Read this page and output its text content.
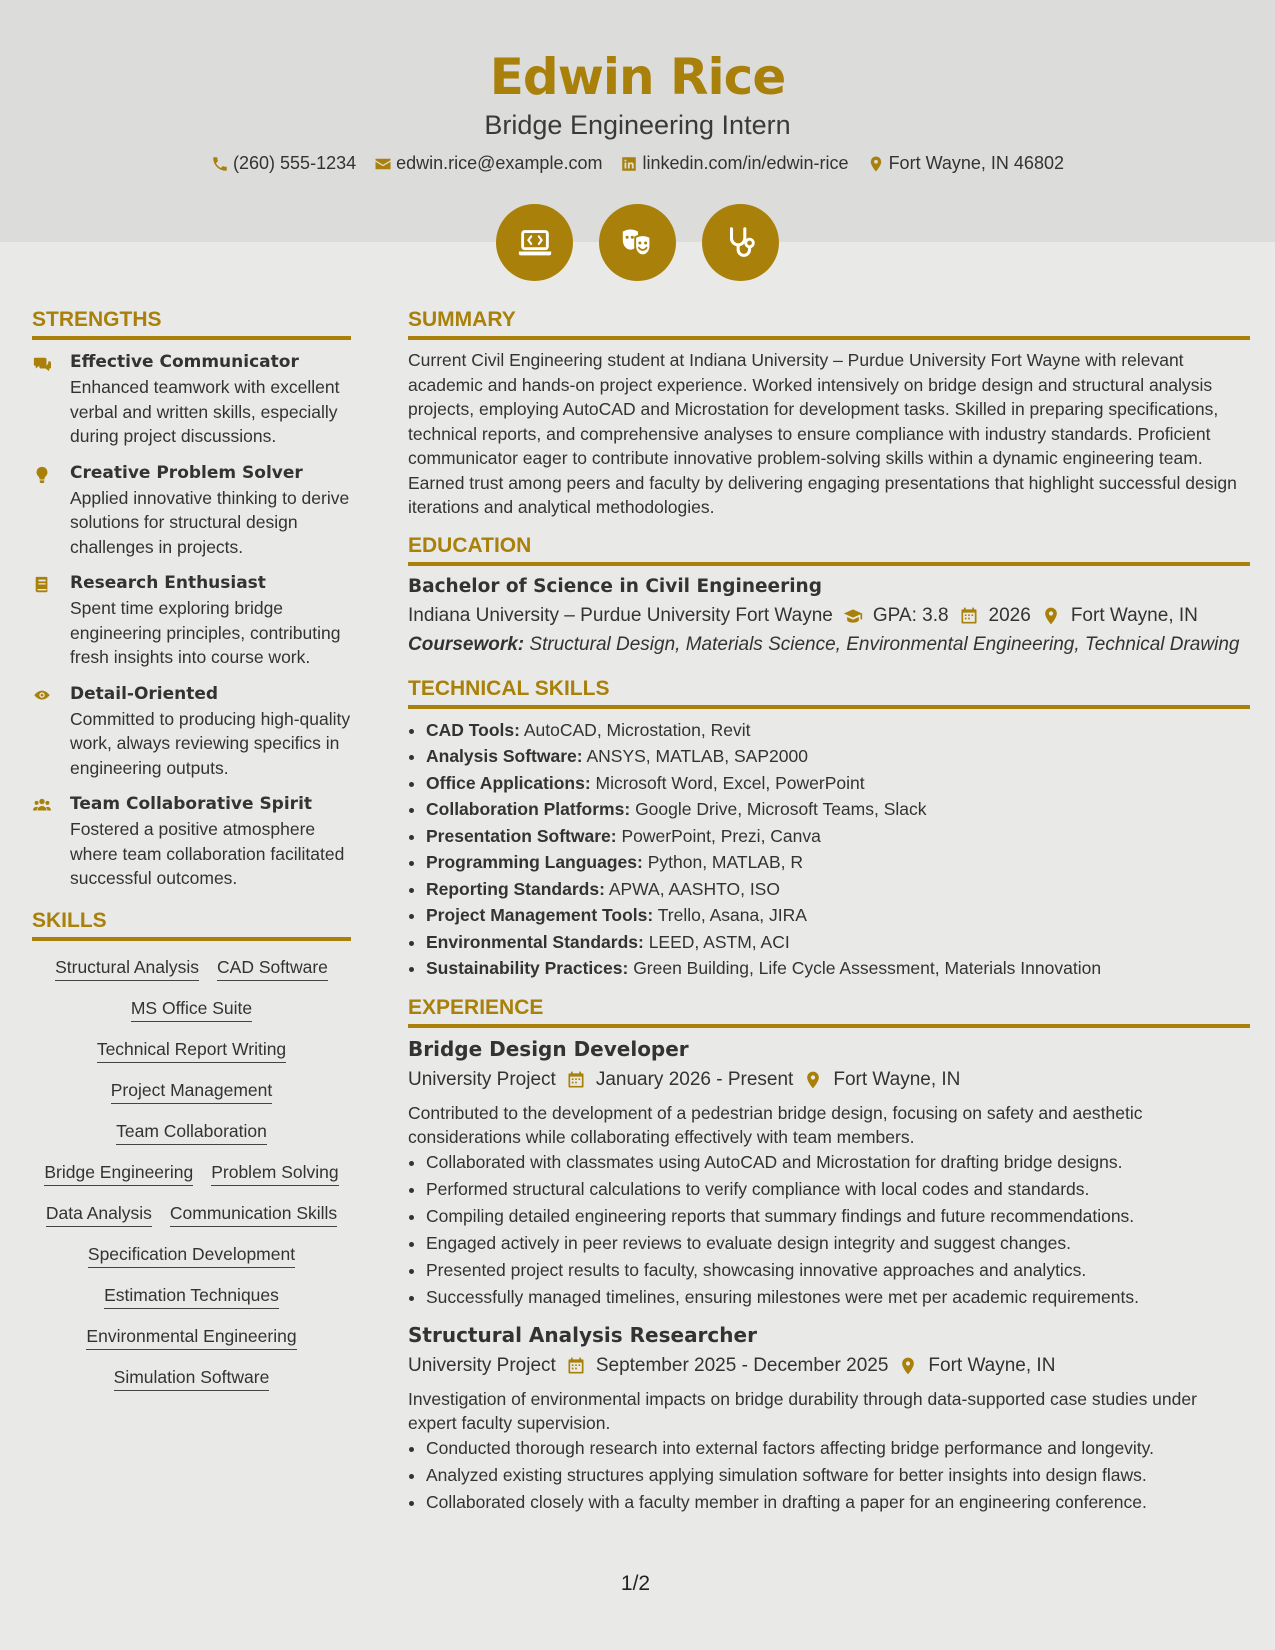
Edwin Rice
Bridge Engineering Intern
(260) 555-1234 edwin.rice@example.com linkedin.com/in/edwin-rice Fort Wayne, IN 46802
STRENGTHS
Effective Communicator
Enhanced teamwork with excellent verbal and written skills, especially during project discussions.
Creative Problem Solver
Applied innovative thinking to derive solutions for structural design challenges in projects.
Research Enthusiast
Spent time exploring bridge engineering principles, contributing fresh insights into course work.
Detail-Oriented
Committed to producing high-quality work, always reviewing specifics in engineering outputs.
Team Collaborative Spirit
Fostered a positive atmosphere where team collaboration facilitated successful outcomes.
SKILLS
Structural Analysis CAD Software
MS Office Suite
Technical Report Writing
Project Management
Team Collaboration
Bridge Engineering Problem Solving
Data Analysis Communication Skills
Specification Development
Estimation Techniques
Environmental Engineering
Simulation Software
SUMMARY
Current Civil Engineering student at Indiana University – Purdue University Fort Wayne with relevant academic and hands-on project experience. Worked intensively on bridge design and structural analysis projects, employing AutoCAD and Microstation for development tasks. Skilled in preparing specifications, technical reports, and comprehensive analyses to ensure compliance with industry standards. Proficient communicator eager to contribute innovative problem-solving skills within a dynamic engineering team. Earned trust among peers and faculty by delivering engaging presentations that highlight successful design iterations and analytical methodologies.
EDUCATION
Bachelor of Science in Civil Engineering
Indiana University – Purdue University Fort Wayne GPA: 3.8 2026 Fort Wayne, IN
Coursework: Structural Design, Materials Science, Environmental Engineering, Technical Drawing
TECHNICAL SKILLS
• CAD Tools: AutoCAD, Microstation, Revit
• Analysis Software: ANSYS, MATLAB, SAP2000
• Office Applications: Microsoft Word, Excel, PowerPoint
• Collaboration Platforms: Google Drive, Microsoft Teams, Slack
• Presentation Software: PowerPoint, Prezi, Canva
• Programming Languages: Python, MATLAB, R
• Reporting Standards: APWA, AASHTO, ISO
• Project Management Tools: Trello, Asana, JIRA
• Environmental Standards: LEED, ASTM, ACI
• Sustainability Practices: Green Building, Life Cycle Assessment, Materials Innovation
EXPERIENCE
Bridge Design Developer
University Project January 2026 - Present Fort Wayne, IN
Contributed to the development of a pedestrian bridge design, focusing on safety and aesthetic considerations while collaborating effectively with team members.
• Collaborated with classmates using AutoCAD and Microstation for drafting bridge designs.
• Performed structural calculations to verify compliance with local codes and standards.
• Compiling detailed engineering reports that summary findings and future recommendations.
• Engaged actively in peer reviews to evaluate design integrity and suggest changes.
• Presented project results to faculty, showcasing innovative approaches and analytics.
• Successfully managed timelines, ensuring milestones were met per academic requirements.
Structural Analysis Researcher
University Project September 2025 - December 2025 Fort Wayne, IN
Investigation of environmental impacts on bridge durability through data-supported case studies under expert faculty supervision.
• Conducted thorough research into external factors affecting bridge performance and longevity.
• Analyzed existing structures applying simulation software for better insights into design flaws.
• Collaborated closely with a faculty member in drafting a paper for an engineering conference.
1/2
